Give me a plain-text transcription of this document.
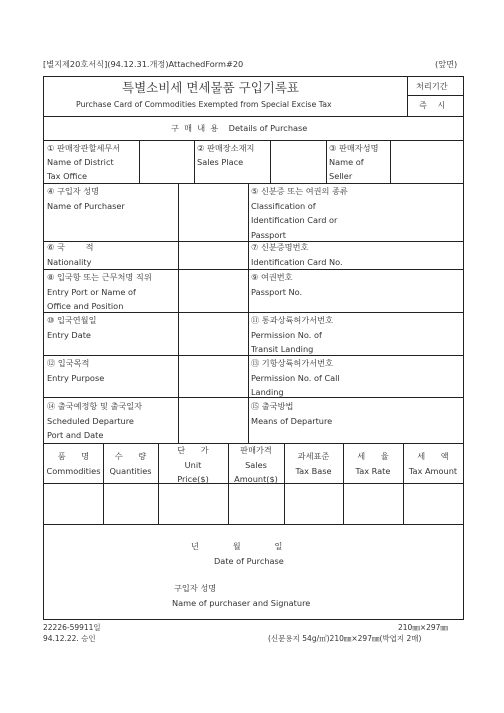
[별지제20호서식](94.12.31.개정)AttachedForm#20	(앞면)
특별소비세 면세물품 구입기록표
Purchase Card of Commodities Exempted from Special Excise Tax
처리기간
즉    시
구  매  내  용    Details of Purchase
① 판매장관할세무서
Name of District
Tax Office
② 판매장소재지
Sales Place
③ 판매자성명
Name of
Seller
④ 구입자 성명
Name of Purchaser
⑤ 신분증 또는 여권의 종류
Classification of
Identification Card or
Passport
⑥ 국        적
Nationality
⑦ 신분증명번호
Identification Card No.
⑧ 입국항 또는 근무처명 직위
Entry Port or Name of
Office and Position
⑨ 여권번호
Passport No.
⑩ 입국연월일
Entry Date
⑪ 통과상륙허가서번호
Permission No. of
Transit Landing
⑫ 입국목적
Entry Purpose
⑬ 기항상륙허가서번호
Permission No. of Call
Landing
⑭ 출국예정항 및 출국일자
Scheduled Departure
Port and Date
⑮ 출국방법
Means of Departure
품      명
Commodities
수      량
Quantities
단      가
Unit
Price($)
판매가격
Sales
Amount($)
과세표준
Tax Base
세      율
Tax Rate
세      액
Tax Amount
년             월             일
Date of Purchase
구입자 성명
Name of purchaser and Signature
22226-59911일
94.12.22. 승인
210㎜×297㎜
(신문용지 54g/㎡)210㎜×297㎜(박엽지 2매)
